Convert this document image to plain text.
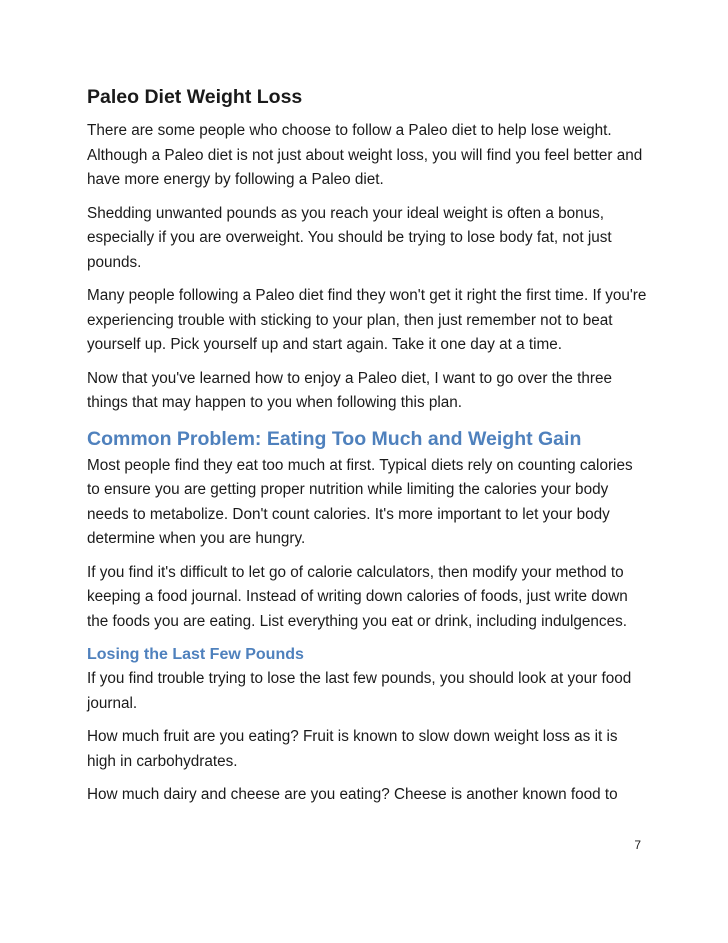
Paleo Diet Weight Loss

There are some people who choose to follow a Paleo diet to help lose weight. Although a Paleo diet is not just about weight loss, you will find you feel better and have more energy by following a Paleo diet.

Shedding unwanted pounds as you reach your ideal weight is often a bonus, especially if you are overweight. You should be trying to lose body fat, not just pounds.

Many people following a Paleo diet find they won't get it right the first time. If you're experiencing trouble with sticking to your plan, then just remember not to beat yourself up. Pick yourself up and start again. Take it one day at a time.

Now that you've learned how to enjoy a Paleo diet, I want to go over the three things that may happen to you when following this plan.

Common Problem: Eating Too Much and Weight Gain

Most people find they eat too much at first. Typical diets rely on counting calories to ensure you are getting proper nutrition while limiting the calories your body needs to metabolize. Don't count calories. It's more important to let your body determine when you are hungry.

If you find it's difficult to let go of calorie calculators, then modify your method to keeping a food journal. Instead of writing down calories of foods, just write down the foods you are eating. List everything you eat or drink, including indulgences.

Losing the Last Few Pounds

If you find trouble trying to lose the last few pounds, you should look at your food journal.

How much fruit are you eating? Fruit is known to slow down weight loss as it is high in carbohydrates.

How much dairy and cheese are you eating? Cheese is another known food to

7
